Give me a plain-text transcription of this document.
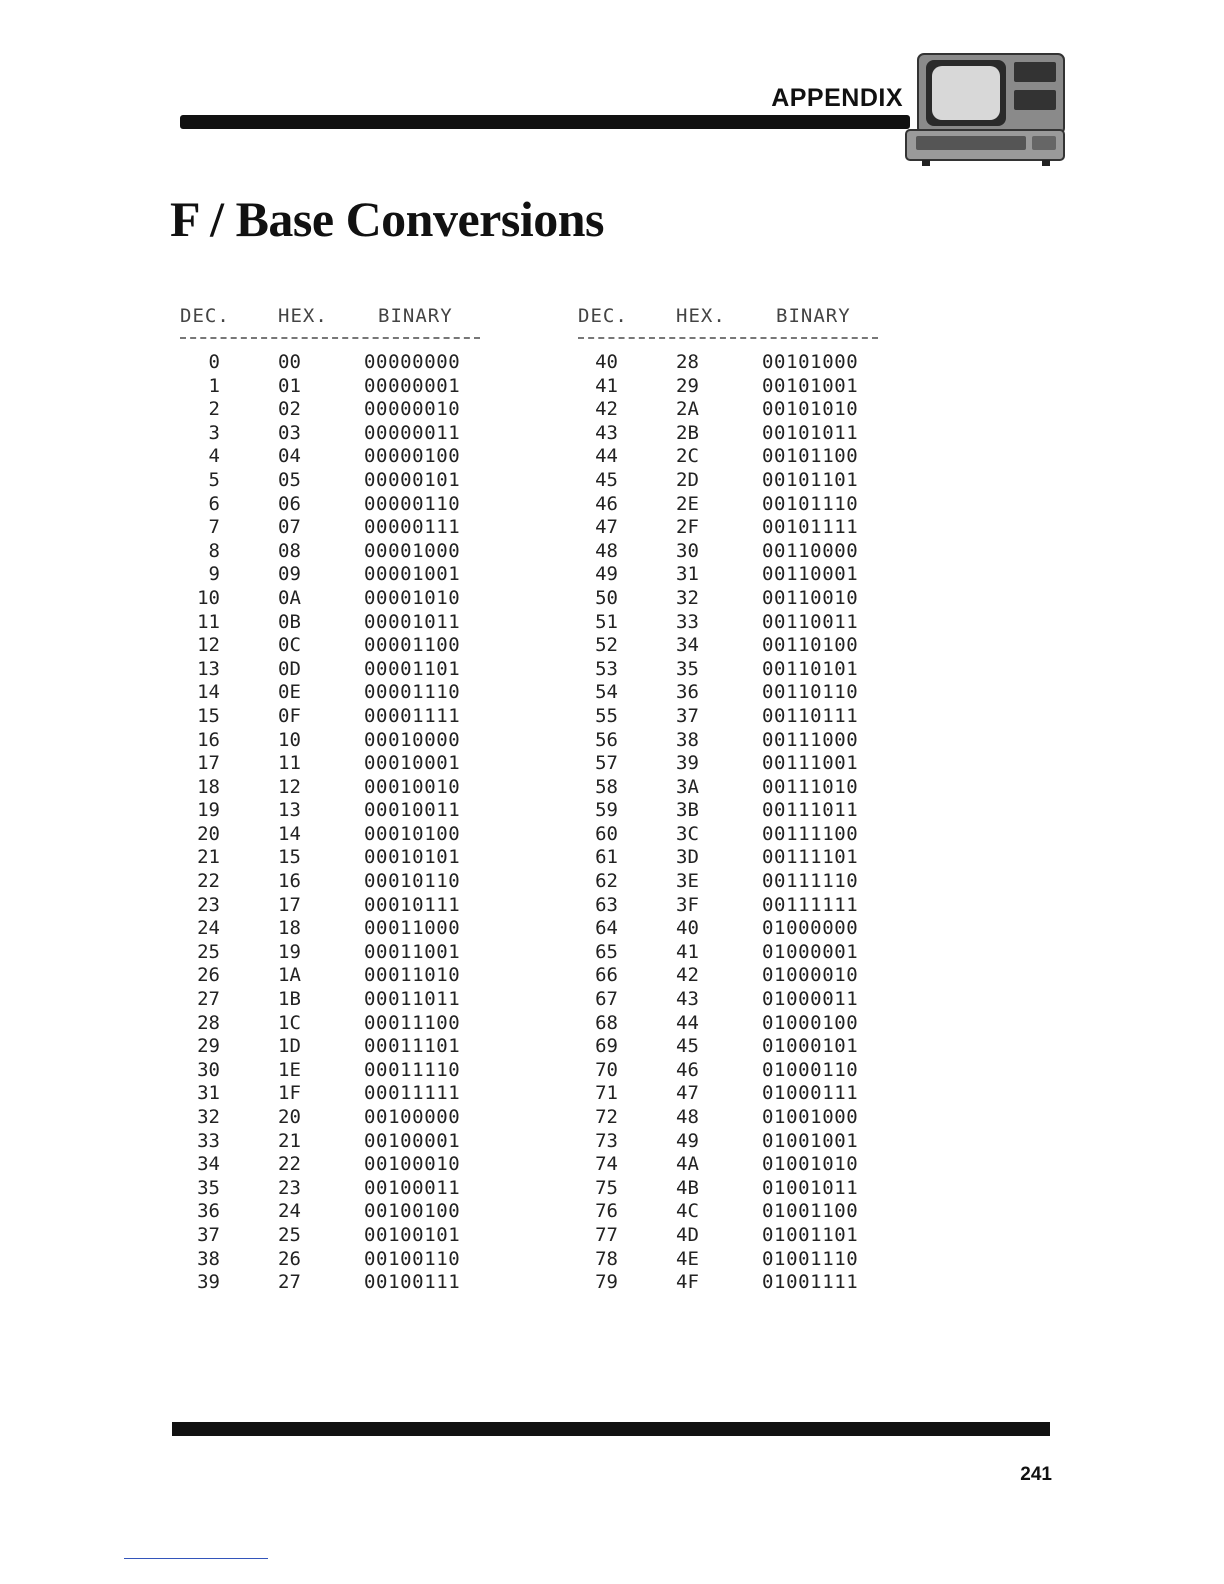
APPENDIX
F / Base Conversions
DEC.	HEX.	BINARY
0	00	00000000
1	01	00000001
2	02	00000010
3	03	00000011
4	04	00000100
5	05	00000101
6	06	00000110
7	07	00000111
8	08	00001000
9	09	00001001
10	0A	00001010
11	0B	00001011
12	0C	00001100
13	0D	00001101
14	0E	00001110
15	0F	00001111
16	10	00010000
17	11	00010001
18	12	00010010
19	13	00010011
20	14	00010100
21	15	00010101
22	16	00010110
23	17	00010111
24	18	00011000
25	19	00011001
26	1A	00011010
27	1B	00011011
28	1C	00011100
29	1D	00011101
30	1E	00011110
31	1F	00011111
32	20	00100000
33	21	00100001
34	22	00100010
35	23	00100011
36	24	00100100
37	25	00100101
38	26	00100110
39	27	00100111
DEC.	HEX.	BINARY
40	28	00101000
41	29	00101001
42	2A	00101010
43	2B	00101011
44	2C	00101100
45	2D	00101101
46	2E	00101110
47	2F	00101111
48	30	00110000
49	31	00110001
50	32	00110010
51	33	00110011
52	34	00110100
53	35	00110101
54	36	00110110
55	37	00110111
56	38	00111000
57	39	00111001
58	3A	00111010
59	3B	00111011
60	3C	00111100
61	3D	00111101
62	3E	00111110
63	3F	00111111
64	40	01000000
65	41	01000001
66	42	01000010
67	43	01000011
68	44	01000100
69	45	01000101
70	46	01000110
71	47	01000111
72	48	01001000
73	49	01001001
74	4A	01001010
75	4B	01001011
76	4C	01001100
77	4D	01001101
78	4E	01001110
79	4F	01001111
241
